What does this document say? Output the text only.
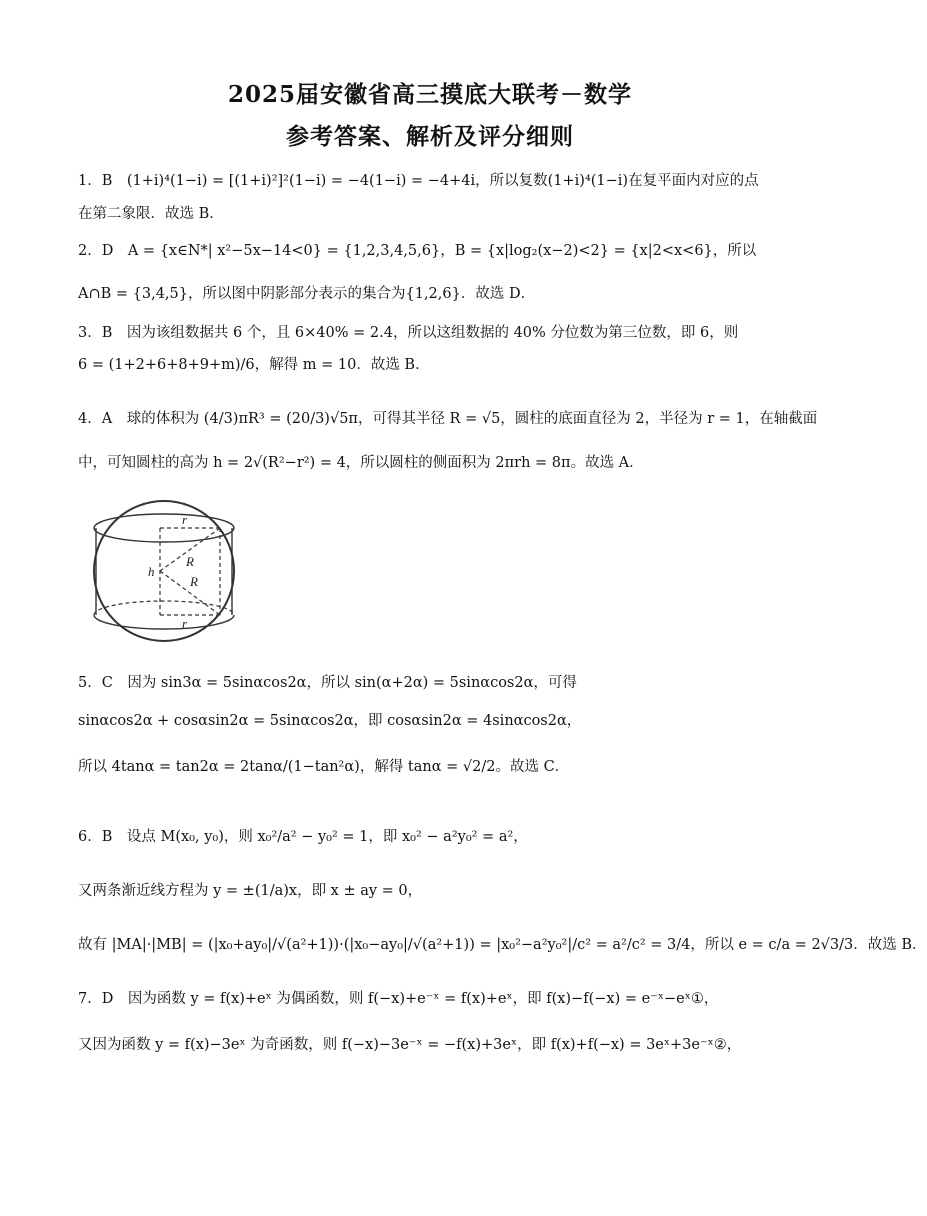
2025届安徽省高三摸底大联考－数学
参考答案、解析及评分细则
1．B　(1+i)⁴(1−i) = [(1+i)²]²(1−i) = −4(1−i) = −4+4i，所以复数(1+i)⁴(1−i)在复平面内对应的点
在第二象限．故选 B．
2．D　A = {x∈N*| x²−5x−14<0} = {1,2,3,4,5,6}，B = {x|log₂(x−2)<2} = {x|2<x<6}，所以
A∩B = {3,4,5}，所以图中阴影部分表示的集合为{1,2,6}．故选 D．
3．B　因为该组数据共 6 个，且 6×40% = 2.4，所以这组数据的 40% 分位数为第三位数，即 6，则
6 = (1+2+6+8+9+m)/6，解得 m = 10．故选 B．
4．A　球的体积为 (4/3)πR³ = (20/3)√5π，可得其半径 R = √5，圆柱的底面直径为 2，半径为 r = 1，在轴截面
中，可知圆柱的高为 h = 2√(R²−r²) = 4，所以圆柱的侧面积为 2πrh = 8π。故选 A．
r
r
R
R
h
5．C　因为 sin3α = 5sinαcos2α，所以 sin(α+2α) = 5sinαcos2α，可得
sinαcos2α + cosαsin2α = 5sinαcos2α，即 cosαsin2α = 4sinαcos2α，
所以 4tanα = tan2α = 2tanα/(1−tan²α)，解得 tanα = √2/2。故选 C．
6．B　设点 M(x₀, y₀)，则 x₀²/a² − y₀² = 1，即 x₀² − a²y₀² = a²，
又两条渐近线方程为 y = ±(1/a)x，即 x ± ay = 0，
故有 |MA|·|MB| = (|x₀+ay₀|/√(a²+1))·(|x₀−ay₀|/√(a²+1)) = |x₀²−a²y₀²|/c² = a²/c² = 3/4，所以 e = c/a = 2√3/3．故选 B．
7．D　因为函数 y = f(x)+eˣ 为偶函数，则 f(−x)+e⁻ˣ = f(x)+eˣ，即 f(x)−f(−x) = e⁻ˣ−eˣ①，
又因为函数 y = f(x)−3eˣ 为奇函数，则 f(−x)−3e⁻ˣ = −f(x)+3eˣ，即 f(x)+f(−x) = 3eˣ+3e⁻ˣ②，
